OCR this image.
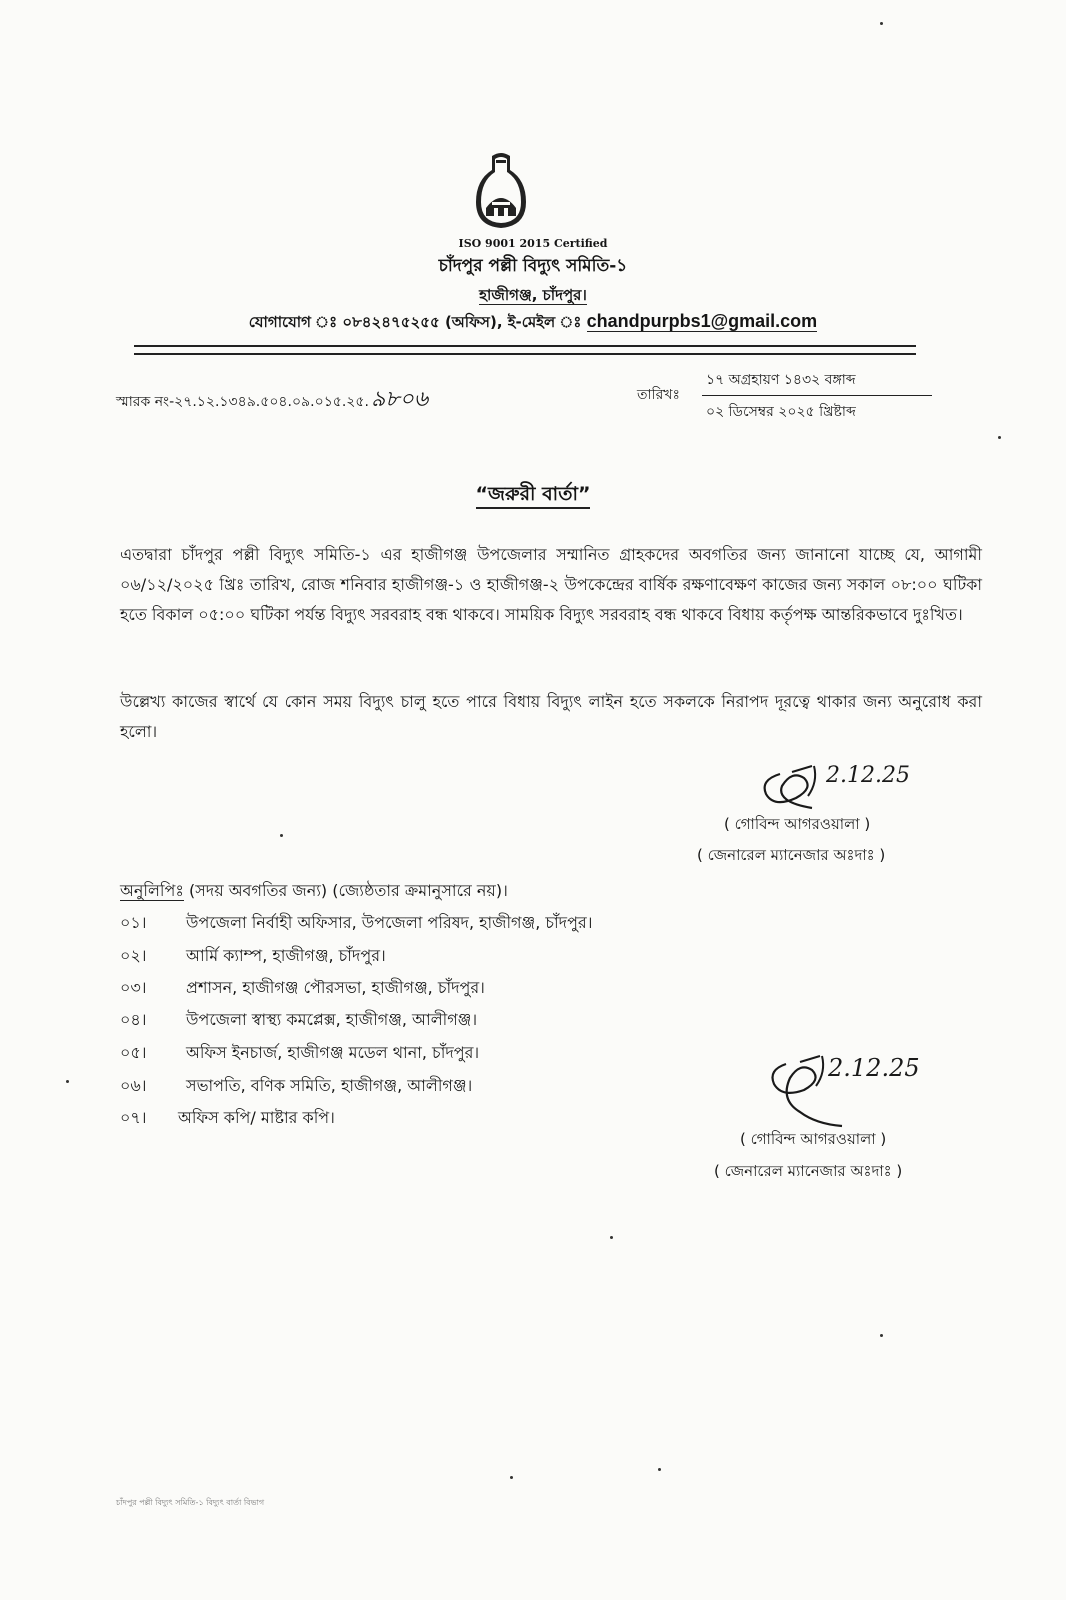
ISO 9001 2015 Certified
চাঁদপুর পল্লী বিদ্যুৎ সমিতি-১
হাজীগঞ্জ, চাঁদপুর।
যোগাযোগ ঃ ০৮৪২৪৭৫২৫৫ (অফিস), ই-মেইল ঃ chandpurpbs1@gmail.com
স্মারক নং-২৭.১২.১৩৪৯.৫০৪.০৯.০১৫.২৫.৯৮০৬	তারিখঃ
১৭ অগ্রহায়ণ ১৪৩২ বঙ্গাব্দ
০২ ডিসেম্বর ২০২৫ খ্রিষ্টাব্দ
“জরুরী বার্তা”
এতদ্বারা চাঁদপুর পল্লী বিদ্যুৎ সমিতি-১ এর হাজীগঞ্জ উপজেলার সম্মানিত গ্রাহকদের অবগতির জন্য জানানো যাচ্ছে যে, আগামী ০৬/১২/২০২৫ খ্রিঃ তারিখ, রোজ শনিবার হাজীগঞ্জ-১ ও হাজীগঞ্জ-২ উপকেন্দ্রের বার্ষিক রক্ষণাবেক্ষণ কাজের জন্য সকাল ০৮:০০ ঘটিকা হতে বিকাল ০৫:০০ ঘটিকা পর্যন্ত বিদ্যুৎ সরবরাহ বন্ধ থাকবে। সাময়িক বিদ্যুৎ সরবরাহ বন্ধ থাকবে বিধায় কর্তৃপক্ষ আন্তরিকভাবে দুঃখিত।
উল্লেখ্য কাজের স্বার্থে যে কোন সময় বিদ্যুৎ চালু হতে পারে বিধায় বিদ্যুৎ লাইন হতে সকলকে নিরাপদ দূরত্বে থাকার জন্য অনুরোধ করা হলো।
2.12.25
( গোবিন্দ আগরওয়ালা )
( জেনারেল ম্যানেজার অঃদাঃ )
অনুলিপিঃ (সদয় অবগতির জন্য) (জ্যেষ্ঠতার ক্রমানুসারে নয়)।
০১। উপজেলা নির্বাহী অফিসার, উপজেলা পরিষদ, হাজীগঞ্জ, চাঁদপুর।
০২। আর্মি ক্যাম্প, হাজীগঞ্জ, চাঁদপুর।
০৩। প্রশাসন, হাজীগঞ্জ পৌরসভা, হাজীগঞ্জ, চাঁদপুর।
০৪। উপজেলা স্বাস্থ্য কমপ্লেক্স, হাজীগঞ্জ, আলীগঞ্জ।
০৫। অফিস ইনচার্জ, হাজীগঞ্জ মডেল থানা, চাঁদপুর।
০৬। সভাপতি, বণিক সমিতি, হাজীগঞ্জ, আলীগঞ্জ।
০৭। অফিস কপি/ মাষ্টার কপি।
2.12.25
( গোবিন্দ আগরওয়ালা )
( জেনারেল ম্যানেজার অঃদাঃ )
চাঁদপুর পল্লী বিদ্যুৎ সমিতি-১ বিদ্যুৎ বার্তা বিভাগ
